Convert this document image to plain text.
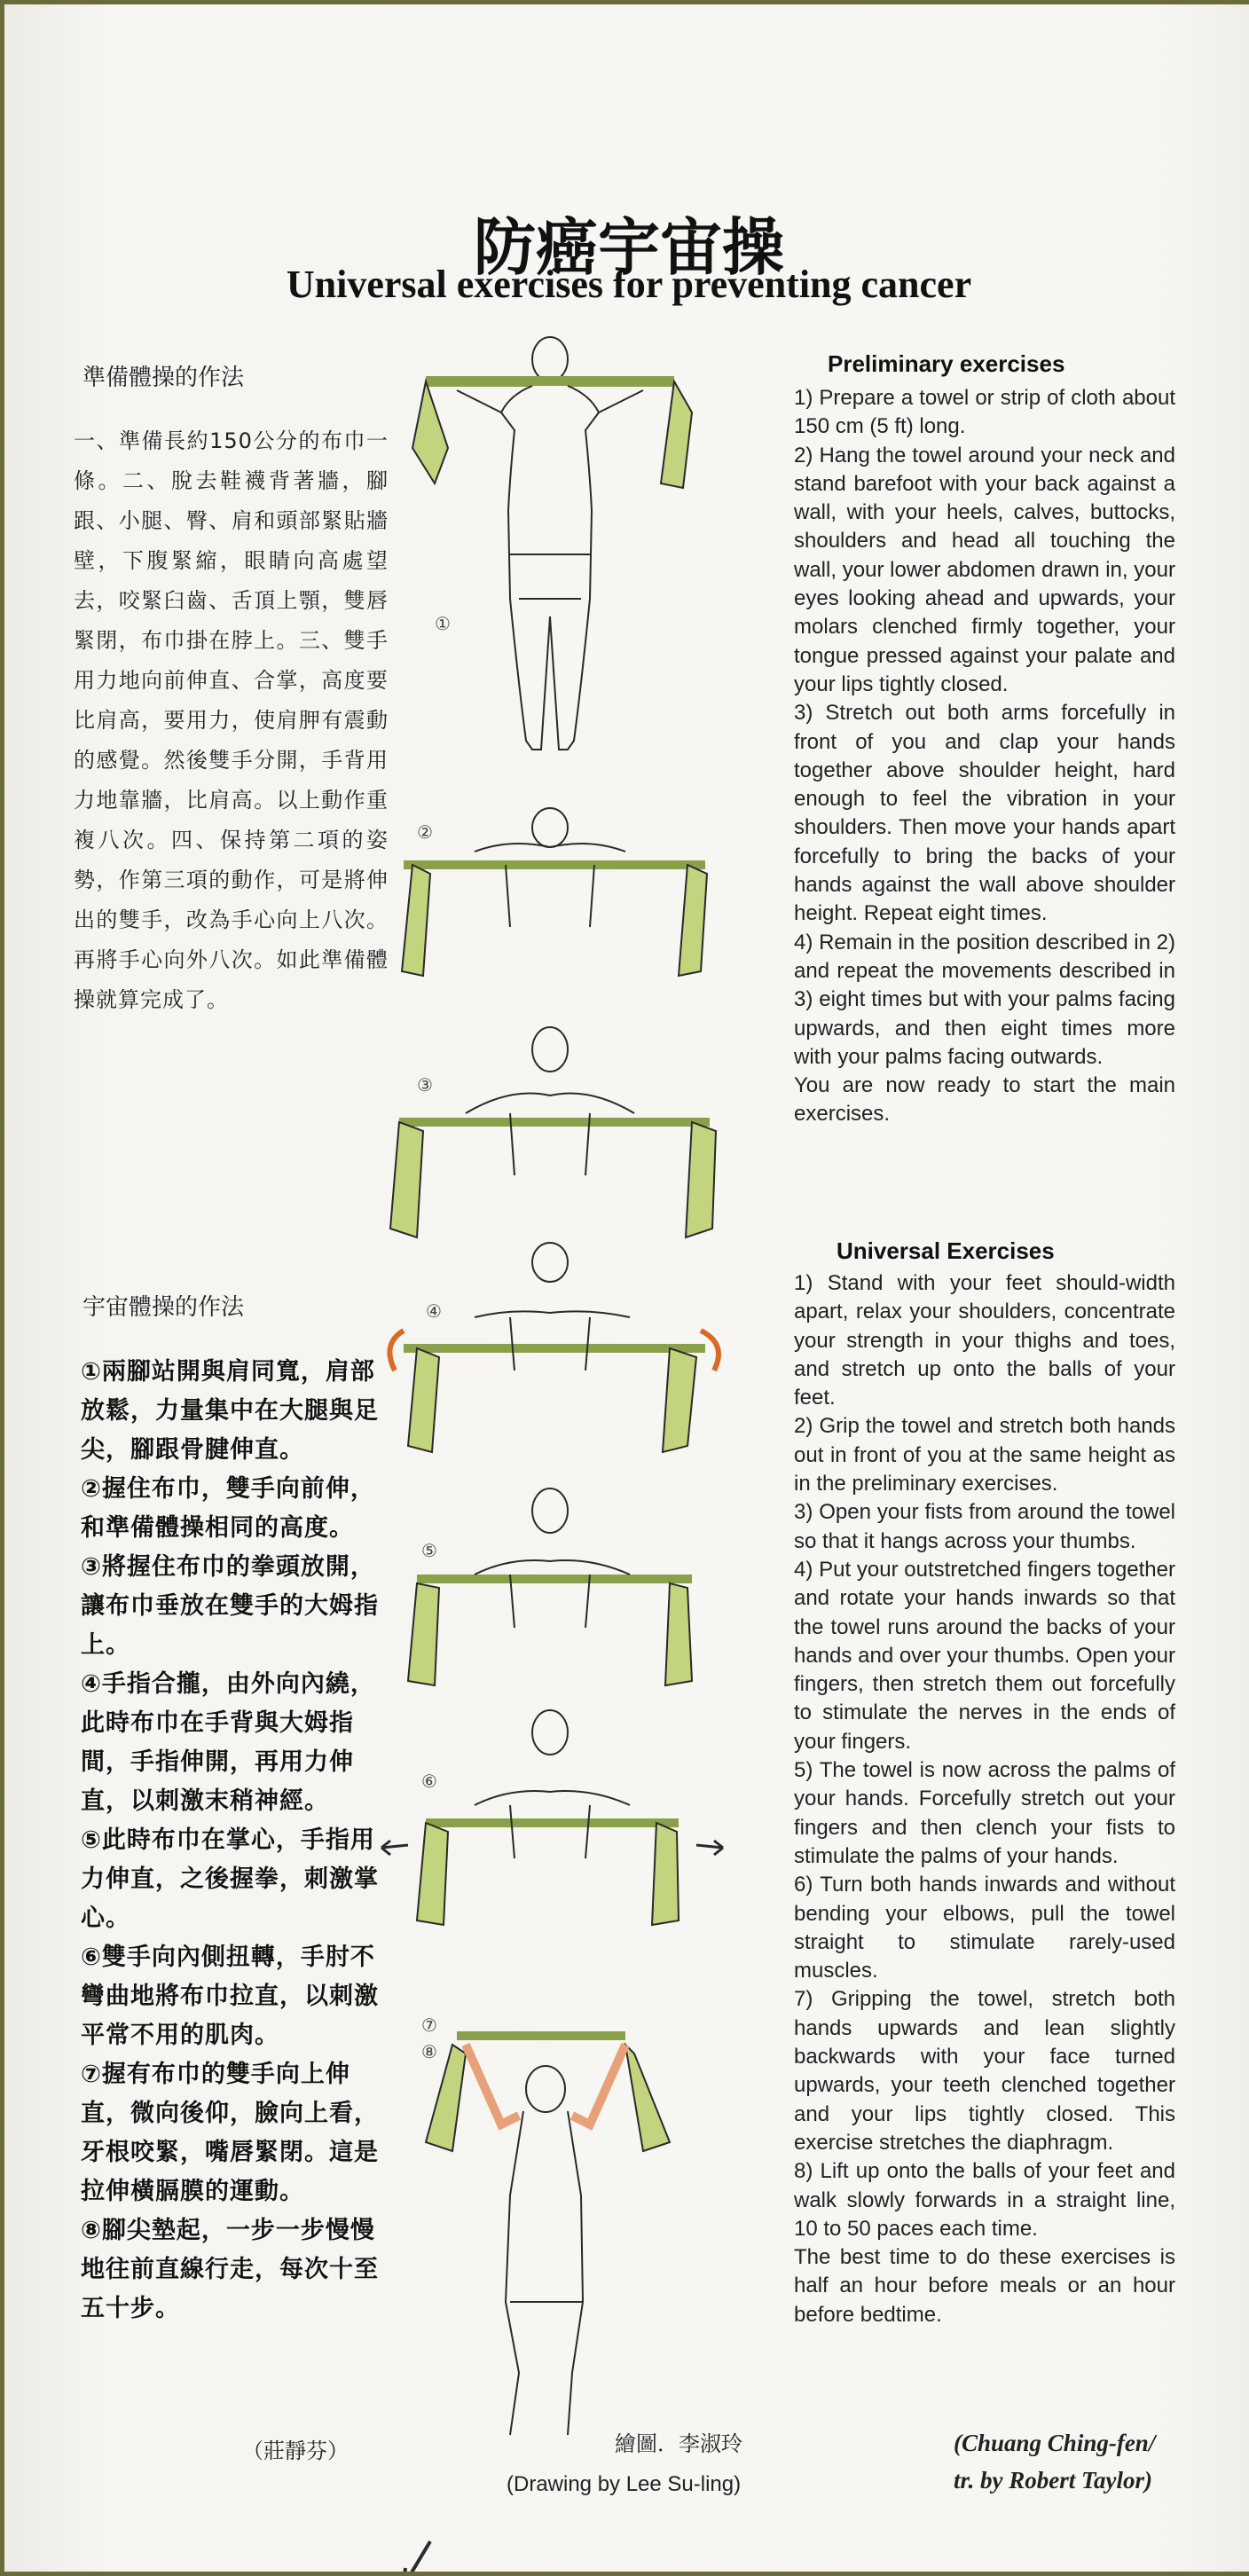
防癌宇宙操
Universal exercises for preventing cancer
準備體操的作法

一、準備長約150公分的布巾一條。二、脫去鞋襪背著牆，腳跟、小腿、臀、肩和頭部緊貼牆壁，下腹緊縮，眼睛向高處望去，咬緊臼齒、舌頂上顎，雙唇緊閉，布巾掛在脖上。三、雙手用力地向前伸直、合掌，高度要比肩高，要用力，使肩胛有震動的感覺。然後雙手分開，手背用力地靠牆，比肩高。以上動作重複八次。四、保持第二項的姿勢，作第三項的動作，可是將伸出的雙手，改為手心向上八次。再將手心向外八次。如此準備體操就算完成了。

宇宙體操的作法

①兩腳站開與肩同寬，肩部放鬆，力量集中在大腿與足尖，腳跟骨腱伸直。

②握住布巾，雙手向前伸，和準備體操相同的高度。

③將握住布巾的拳頭放開，讓布巾垂放在雙手的大姆指上。

④手指合攏，由外向內繞，此時布巾在手背與大姆指間，手指伸開，再用力伸直，以刺激末稍神經。

⑤此時布巾在掌心，手指用力伸直，之後握拳，刺激掌心。

⑥雙手向內側扭轉，手肘不彎曲地將布巾拉直，以刺激平常不用的肌肉。

⑦握有布巾的雙手向上伸直，微向後仰，臉向上看，牙根咬緊，嘴唇緊閉。這是拉伸橫膈膜的運動。

⑧腳尖墊起，一步一步慢慢地往前直線行走，每次十至五十步。

（莊靜芬）
①
②
③
④
⑤
⑥
⑦
⑧
Preliminary exercises

1) Prepare a towel or strip of cloth about 150 cm (5 ft) long.

2) Hang the towel around your neck and stand barefoot with your back against a wall, with your heels, calves, buttocks, shoulders and head all touching the wall, your lower abdomen drawn in, your eyes looking ahead and upwards, your molars clenched firmly together, your tongue pressed against your palate and your lips tightly closed.

3) Stretch out both arms forcefully in front of you and clap your hands together above shoulder height, hard enough to feel the vibration in your shoulders. Then move your hands apart forcefully to bring the backs of your hands against the wall above shoulder height. Repeat eight times.

4) Remain in the position described in 2) and repeat the movements described in 3) eight times but with your palms facing upwards, and then eight times more with your palms facing outwards.

You are now ready to start the main exercises.

Universal Exercises

1) Stand with your feet should-width apart, relax your shoulders, concentrate your strength in your thighs and toes, and stretch up onto the balls of your feet.

2) Grip the towel and stretch both hands out in front of you at the same height as in the preliminary exercises.

3) Open your fists from around the towel so that it hangs across your thumbs.

4) Put your outstretched fingers together and rotate your hands inwards so that the towel runs around the backs of your hands and over your thumbs. Open your fingers, then stretch them out forcefully to stimulate the nerves in the ends of your fingers.

5) The towel is now across the palms of your hands. Forcefully stretch out your fingers and then clench your fists to stimulate the palms of your hands.

6) Turn both hands inwards and without bending your elbows, pull the towel straight to stimulate rarely-used muscles.

7) Gripping the towel, stretch both hands upwards and lean slightly backwards with your face turned upwards, your teeth clenched together and your lips tightly closed. This exercise stretches the diaphragm.

8) Lift up onto the balls of your feet and walk slowly forwards in a straight line, 10 to 50 paces each time.

The best time to do these exercises is half an hour before meals or an hour before bedtime.

繪圖．李淑玲
(Drawing by Lee Su-ling)
(Chuang Ching-fen/
tr. by Robert Taylor)
